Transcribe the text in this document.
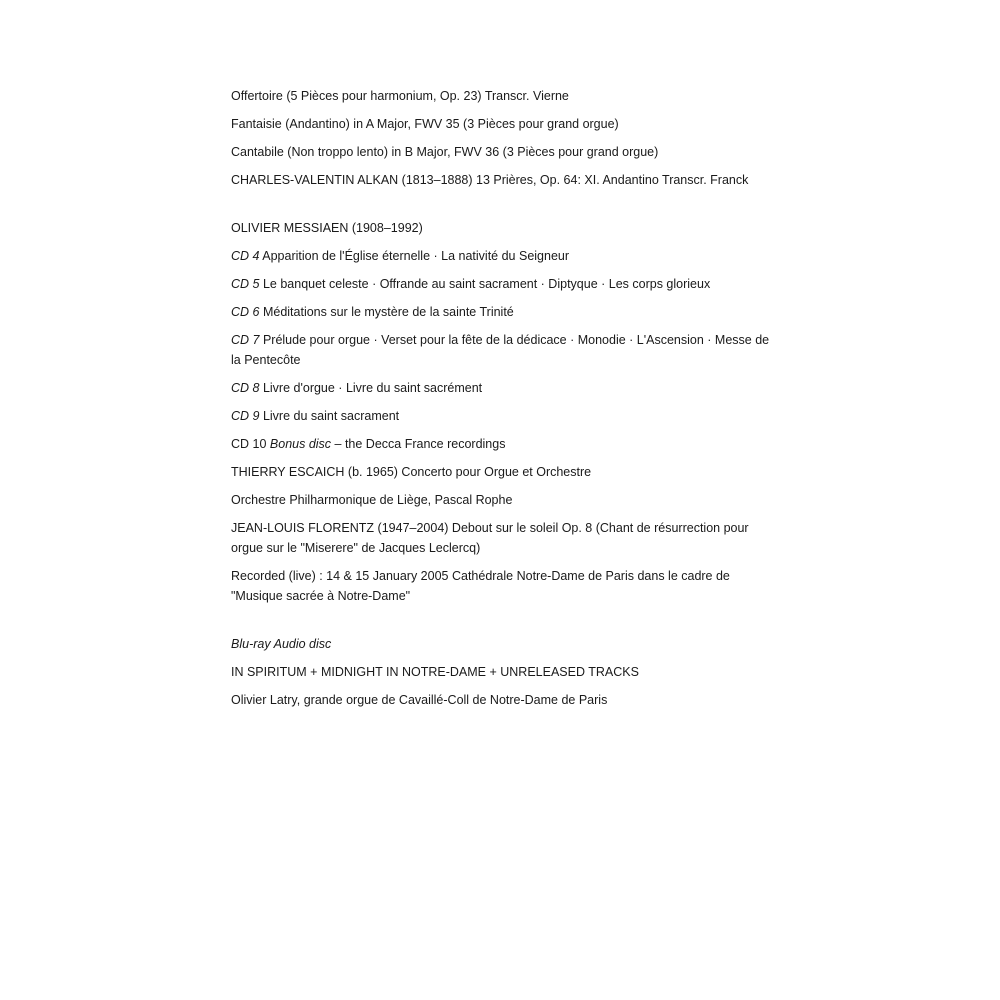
Offertoire (5 Pièces pour harmonium, Op. 23) Transcr. Vierne

Fantaisie (Andantino) in A Major, FWV 35 (3 Pièces pour grand orgue)

Cantabile (Non troppo lento) in B Major, FWV 36 (3 Pièces pour grand orgue)

CHARLES-VALENTIN ALKAN (1813–1888) 13 Prières, Op. 64: XI. Andantino Transcr. Franck

OLIVIER MESSIAEN (1908–1992)

CD 4 Apparition de l'Église éternelle · La nativité du Seigneur

CD 5 Le banquet celeste · Offrande au saint sacrament · Diptyque · Les corps glorieux

CD 6 Méditations sur le mystère de la sainte Trinité

CD 7 Prélude pour orgue · Verset pour la fête de la dédicace · Monodie · L'Ascension · Messe de la Pentecôte

CD 8 Livre d'orgue · Livre du saint sacrément

CD 9 Livre du saint sacrament

CD 10 Bonus disc – the Decca France recordings

THIERRY ESCAICH (b. 1965) Concerto pour Orgue et Orchestre

Orchestre Philharmonique de Liège, Pascal Rophe

JEAN-LOUIS FLORENTZ (1947–2004) Debout sur le soleil Op. 8 (Chant de résurrection pour orgue sur le "Miserere" de Jacques Leclercq)

Recorded (live) : 14 & 15 January 2005 Cathédrale Notre-Dame de Paris dans le cadre de "Musique sacrée à Notre-Dame"

Blu-ray Audio disc

IN SPIRITUM + MIDNIGHT IN NOTRE-DAME + UNRELEASED TRACKS

Olivier Latry, grande orgue de Cavaillé-Coll de Notre-Dame de Paris
